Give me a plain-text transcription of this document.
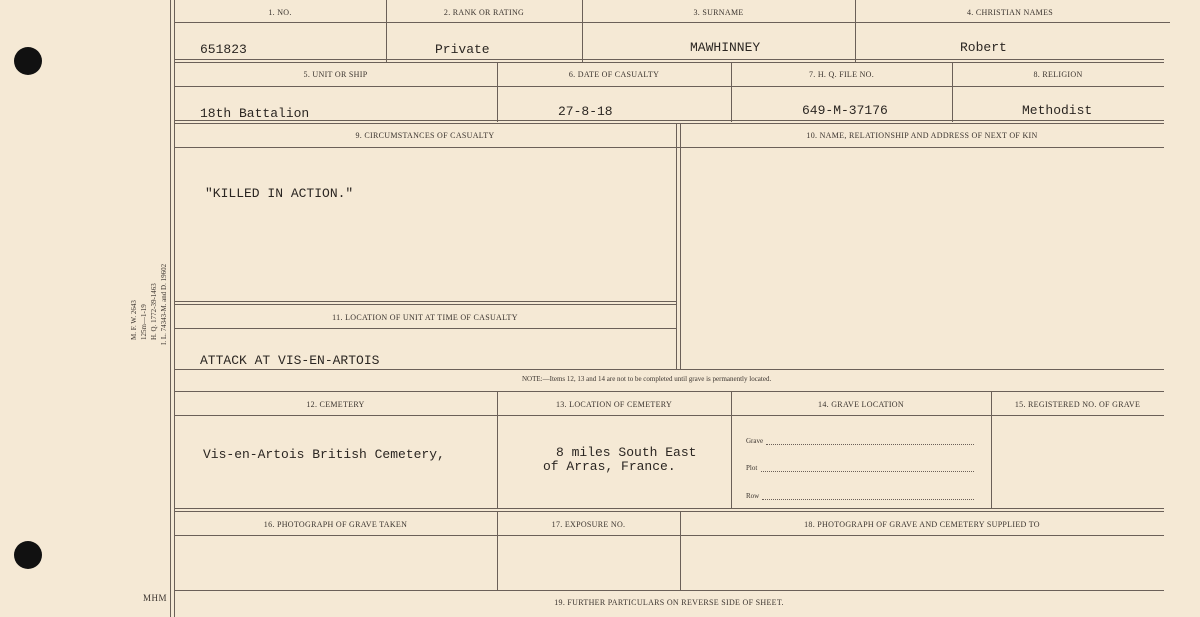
M. F. W. 2643 125m—1-19 H. Q. 1772-39-1463 I. L. 74343-M. and D. 19602
MHM
1. NO.	2. RANK OR RATING	3. SURNAME	4. CHRISTIAN NAMES
651823	Private	MAWHINNEY	Robert
5. UNIT OR SHIP	6. DATE OF CASUALTY	7. H. Q. FILE NO.	8. RELIGION
18th Battalion	27-8-18	649-M-37176	Methodist
9. CIRCUMSTANCES OF CASUALTY	10. NAME, RELATIONSHIP AND ADDRESS OF NEXT OF KIN
"KILLED IN ACTION."
11. LOCATION OF UNIT AT TIME OF CASUALTY
ATTACK AT VIS-EN-ARTOIS
NOTE:—Items 12, 13 and 14 are not to be completed until grave is permanently located.
12. CEMETERY	13. LOCATION OF CEMETERY	14. GRAVE LOCATION	15. REGISTERED NO. OF GRAVE
Vis-en-Artois British Cemetery,	8 miles South East
of Arras, France.
Grave
Plot
Row
16. PHOTOGRAPH OF GRAVE TAKEN	17. EXPOSURE NO.	18. PHOTOGRAPH OF GRAVE AND CEMETERY SUPPLIED TO
19. FURTHER PARTICULARS ON REVERSE SIDE OF SHEET.
